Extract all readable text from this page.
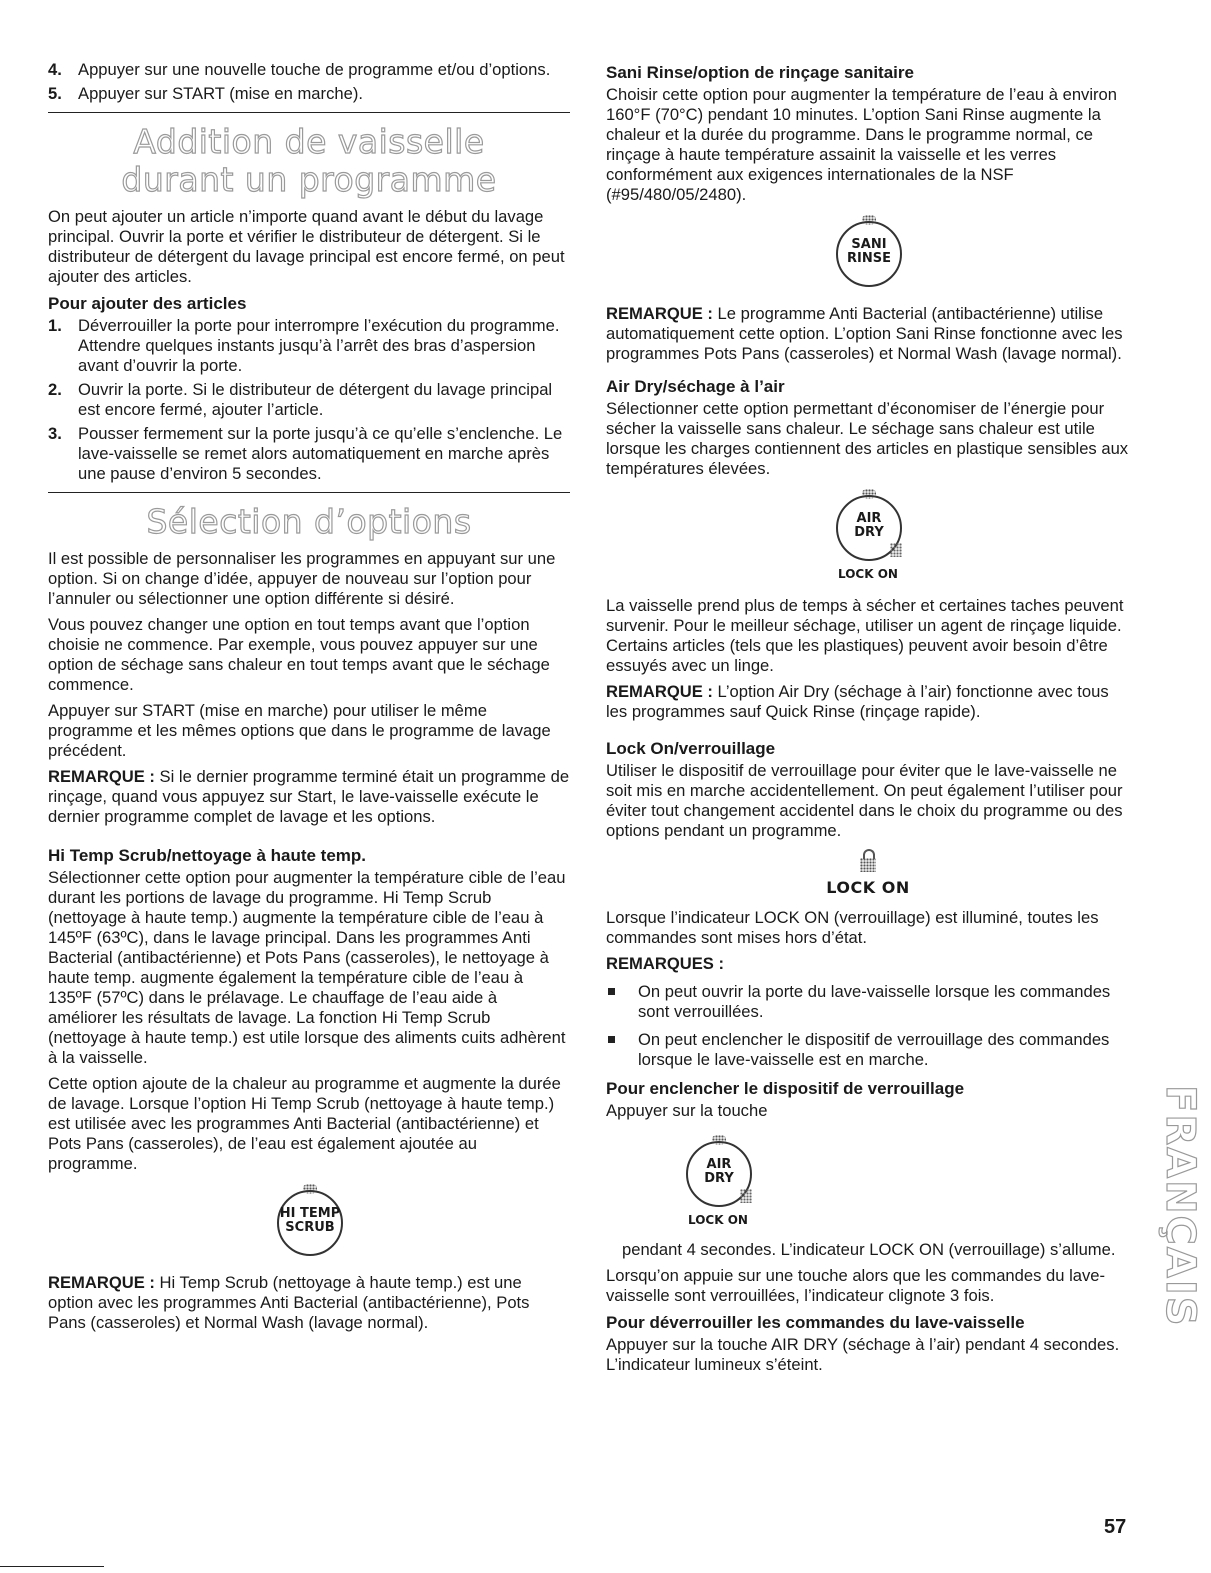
4. Appuyer sur une nouvelle touche de programme et/ou d’options.
5. Appuyer sur START (mise en marche).
Addition de vaisselle
durant un programme

On peut ajouter un article n’importe quand avant le début du lavage principal. Ouvrir la porte et vérifier le distributeur de détergent. Si le distributeur de détergent du lavage principal est encore fermé, on peut ajouter des articles.

Pour ajouter des articles
1. Déverrouiller la porte pour interrompre l’exécution du programme. Attendre quelques instants jusqu’à l’arrêt des bras d’aspersion avant d’ouvrir la porte.
2. Ouvrir la porte. Si le distributeur de détergent du lavage principal est encore fermé, ajouter l’article.
3. Pousser fermement sur la porte jusqu’à ce qu’elle s’enclenche. Le lave-vaisselle se remet alors automatiquement en marche après une pause d’environ 5 secondes.
Sélection d’options

Il est possible de personnaliser les programmes en appuyant sur une option. Si on change d’idée, appuyer de nouveau sur l’option pour l’annuler ou sélectionner une option différente si désiré.

Vous pouvez changer une option en tout temps avant que l’option choisie ne commence. Par exemple, vous pouvez appuyer sur une option de séchage sans chaleur en tout temps avant que le séchage commence.

Appuyer sur START (mise en marche) pour utiliser le même programme et les mêmes options que dans le programme de lavage précédent.

REMARQUE : Si le dernier programme terminé était un programme de rinçage, quand vous appuyez sur Start, le lave-vaisselle exécute le dernier programme complet de lavage et les options.

Hi Temp Scrub/nettoyage à haute temp.

Sélectionner cette option pour augmenter la température cible de l’eau durant les portions de lavage du programme. Hi Temp Scrub (nettoyage à haute temp.) augmente la température cible de l’eau à 145ºF (63ºC), dans le lavage principal. Dans les programmes Anti Bacterial (antibactérienne) et Pots Pans (casseroles), le nettoyage à haute temp. augmente également la température cible de l’eau à 135ºF (57ºC) dans le prélavage. Le chauffage de l’eau aide à améliorer les résultats de lavage. La fonction Hi Temp Scrub (nettoyage à haute temp.) est utile lorsque des aliments cuits adhèrent à la vaisselle.

Cette option ajoute de la chaleur au programme et augmente la durée de lavage. Lorsque l’option Hi Temp Scrub (nettoyage à haute temp.) est utilisée avec les programmes Anti Bacterial (antibactérienne) et Pots Pans (casseroles), de l’eau est également ajoutée au programme.

HI TEMP
SCRUB

REMARQUE : Hi Temp Scrub (nettoyage à haute temp.) est une option avec les programmes Anti Bacterial (antibactérienne), Pots Pans (casseroles) et Normal Wash (lavage normal).

Sani Rinse/option de rinçage sanitaire

Choisir cette option pour augmenter la température de l’eau à environ 160°F (70°C) pendant 10 minutes. L’option Sani Rinse augmente la chaleur et la durée du programme. Dans le programme normal, ce rinçage à haute température assainit la vaisselle et les verres conformément aux exigences internationales de la NSF (#95/480/05/2480).

SANI
RINSE

REMARQUE : Le programme Anti Bacterial (antibactérienne) utilise automatiquement cette option. L’option Sani Rinse fonctionne avec les programmes Pots Pans (casseroles) et Normal Wash (lavage normal).

Air Dry/séchage à l’air

Sélectionner cette option permettant d’économiser de l’énergie pour sécher la vaisselle sans chaleur. Le séchage sans chaleur est utile lorsque les charges contiennent des articles en plastique sensibles aux températures élevées.

AIR
DRY
LOCK ON

La vaisselle prend plus de temps à sécher et certaines taches peuvent survenir. Pour le meilleur séchage, utiliser un agent de rinçage liquide. Certains articles (tels que les plastiques) peuvent avoir besoin d’être essuyés avec un linge.

REMARQUE : L’option Air Dry (séchage à l’air) fonctionne avec tous les programmes sauf Quick Rinse (rinçage rapide).

Lock On/verrouillage

Utiliser le dispositif de verrouillage pour éviter que le lave-vaisselle ne soit mis en marche accidentellement. On peut également l’utiliser pour éviter tout changement accidentel dans le choix du programme ou des options pendant un programme.

LOCK ON

Lorsque l’indicateur LOCK ON (verrouillage) est illuminé, toutes les commandes sont mises hors d’état.

REMARQUES :

On peut ouvrir la porte du lave-vaisselle lorsque les commandes sont verrouillées.
On peut enclencher le dispositif de verrouillage des commandes lorsque le lave-vaisselle est en marche.
Pour enclencher le dispositif de verrouillage

Appuyer sur la touche

AIR
DRY
LOCK ON

pendant 4 secondes. L’indicateur LOCK ON (verrouillage) s’allume.

Lorsqu’on appuie sur une touche alors que les commandes du lave-vaisselle sont verrouillées, l’indicateur clignote 3 fois.

Pour déverrouiller les commandes du lave-vaisselle

Appuyer sur la touche AIR DRY (séchage à l’air) pendant 4 secondes. L’indicateur lumineux s’éteint.

FRANÇAIS
57
